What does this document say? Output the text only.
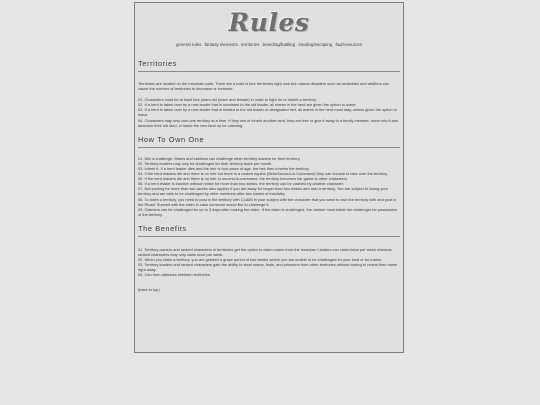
Rules
general rules.fantasy elements.territories.breeding/battling.stealing/escaping.faq/resources
Territories
Territories are located on the mountain path. There are a total of four territories right now but natural disasters such as landslides and wildfires can cause the number of territories to decrease or increase.
01. Characters must be at least four years old (mare and female) in order to fight for or inherit a territory.
02. If a herd is taken over by a new leader that is unrelated to the old leader, all mares in the herd are given the option to leave.
03. If a herd is taken over by a new leader that is related to the old leader or designated heir, all mares in the herd must stay, unless given the option to leave.
04. Characters may only own one territory at a time. If they win or inherit another land, they are free to give it away to a family member, move into it and abandon their old land, or leave the new land up for claiming.
How To Own One
01. Win a challenge. Mares and stallions can challenge other territory leaders for their territory.
02. Territory leaders may only be challenged for their territory twice per month.
03. Inherit it. If a herd leader dies and the heir is four years of age, the heir then inherits the territory.
04. If the herd leaders die and there is no heir but there is a ranked equine (Beta/Second-In-Command) they can choose to take over the territory.
05. If the herd leaders die and there is no heir or second-in-command, the territory becomes fair game to other characters.
06. If a herd leader is inactive without notice for more than two weeks, the territory can be claimed by another character.
07. Not posting for more than two weeks also applies if you are away for longer than two weeks and own a territory. You are subject to losing your territory and are able to be challenged by other members after two weeks of inactivity.
08. To claim a territory, you need to post in the territory with CLAIM in your subject with the character that you want to own the territory with and post in the Rivals' Summit with the claim in case someone would like to challenge it.
09. Claimers can be challenged for up to 3 days after making the claim. If the claim is challenged, the claimer must battle the challenger for possession of the territory.
The Benefits
01. Territory owners and ranked characters in territories get the option to claim mares from the meadow. Leaders can claim twice per week whereas ranked characters may only claim once per week.
02. When you claim a territory, you are granted a grace period of two weeks where you are unable to be challenged for your land or for mares.
03. Territory leaders and ranked characters gain the ability to steal mares, foals, and prisoners from other territories without having to reveal their name right away.
04. Can form alliances between territories.
(back to top)
